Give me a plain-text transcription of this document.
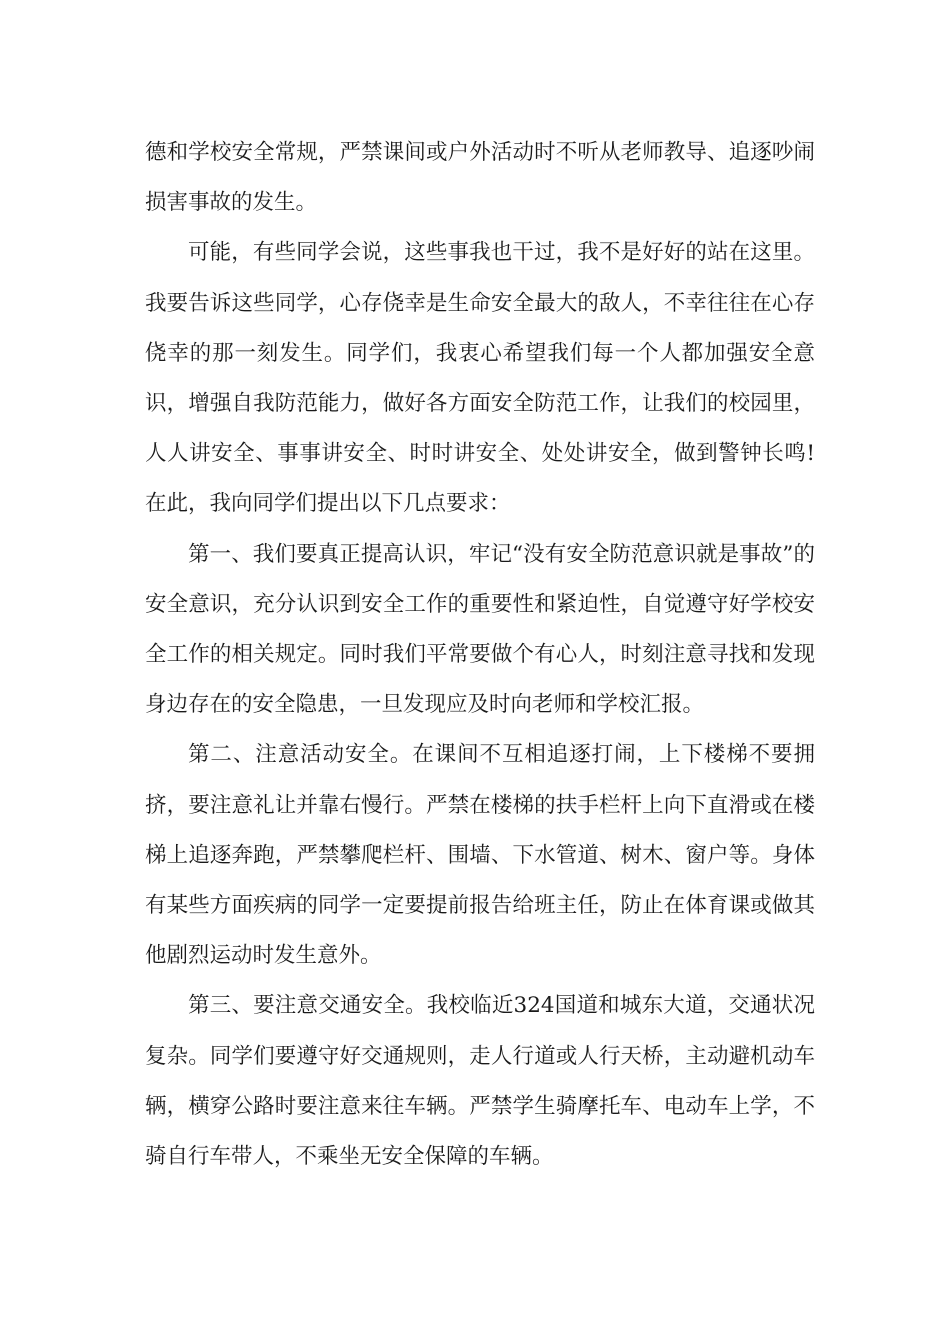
德和学校安全常规，严禁课间或户外活动时不听从老师教导、追逐吵闹损害事故的发生。

可能，有些同学会说，这些事我也干过，我不是好好的站在这里。我要告诉这些同学，心存侥幸是生命安全最大的敌人，不幸往往在心存侥幸的那一刻发生。同学们，我衷心希望我们每一个人都加强安全意识，增强自我防范能力，做好各方面安全防范工作，让我们的校园里，人人讲安全、事事讲安全、时时讲安全、处处讲安全，做到警钟长鸣!在此，我向同学们提出以下几点要求：

第一、我们要真正提高认识，牢记“没有安全防范意识就是事故”的安全意识，充分认识到安全工作的重要性和紧迫性，自觉遵守好学校安全工作的相关规定。同时我们平常要做个有心人，时刻注意寻找和发现身边存在的安全隐患，一旦发现应及时向老师和学校汇报。

第二、注意活动安全。在课间不互相追逐打闹，上下楼梯不要拥挤，要注意礼让并靠右慢行。严禁在楼梯的扶手栏杆上向下直滑或在楼梯上追逐奔跑，严禁攀爬栏杆、围墙、下水管道、树木、窗户等。身体有某些方面疾病的同学一定要提前报告给班主任，防止在体育课或做其他剧烈运动时发生意外。

第三、要注意交通安全。我校临近324国道和城东大道，交通状况复杂。同学们要遵守好交通规则，走人行道或人行天桥，主动避机动车辆，横穿公路时要注意来往车辆。严禁学生骑摩托车、电动车上学，不骑自行车带人，不乘坐无安全保障的车辆。
